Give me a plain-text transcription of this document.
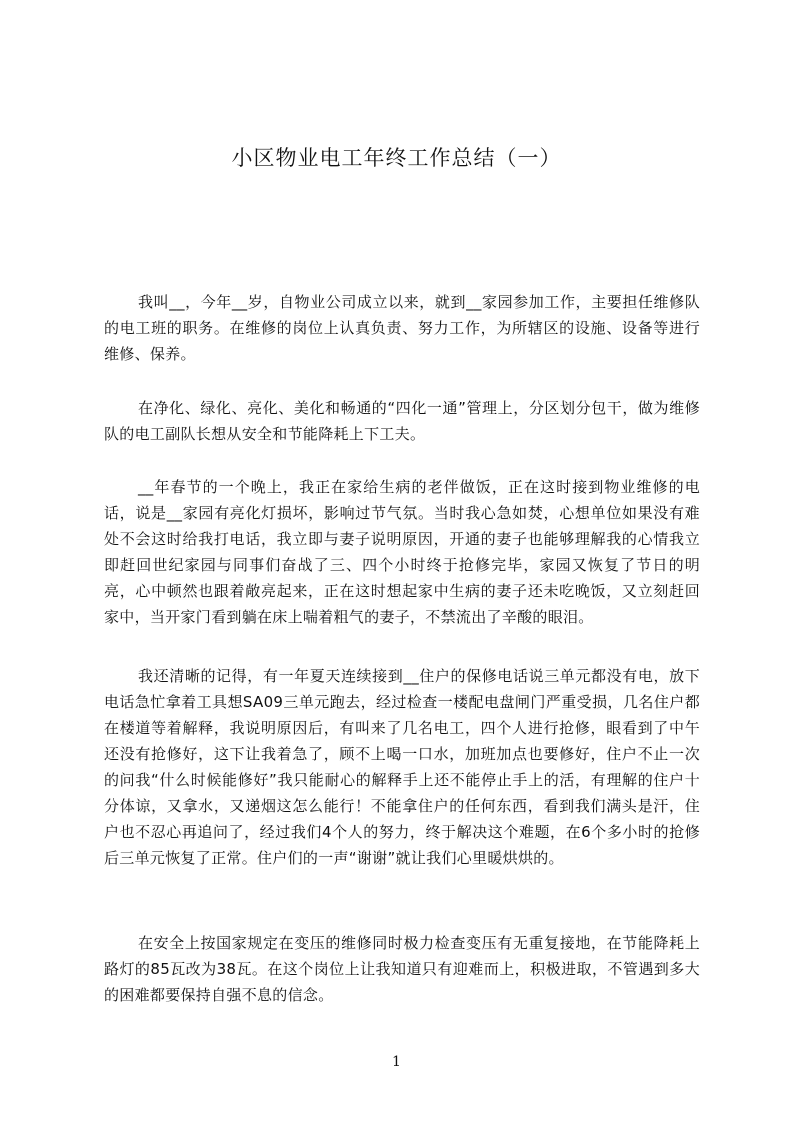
小区物业电工年终工作总结（一）

我叫__，今年__岁，自物业公司成立以来，就到__家园参加工作，主要担任维修队的电工班的职务。在维修的岗位上认真负责、努力工作，为所辖区的设施、设备等进行维修、保养。

在净化、绿化、亮化、美化和畅通的“四化一通”管理上，分区划分包干，做为维修队的电工副队长想从安全和节能降耗上下工夫。

__年春节的一个晚上，我正在家给生病的老伴做饭，正在这时接到物业维修的电话，说是__家园有亮化灯损坏，影响过节气氛。当时我心急如焚，心想单位如果没有难处不会这时给我打电话，我立即与妻子说明原因，开通的妻子也能够理解我的心情我立即赶回世纪家园与同事们奋战了三、四个小时终于抢修完毕，家园又恢复了节日的明亮，心中顿然也跟着敞亮起来，正在这时想起家中生病的妻子还未吃晚饭，又立刻赶回家中，当开家门看到躺在床上喘着粗气的妻子，不禁流出了辛酸的眼泪。

我还清晰的记得，有一年夏天连续接到__住户的保修电话说三单元都没有电，放下电话急忙拿着工具想SA09三单元跑去，经过检查一楼配电盘闸门严重受损，几名住户都在楼道等着解释，我说明原因后，有叫来了几名电工，四个人进行抢修，眼看到了中午还没有抢修好，这下让我着急了，顾不上喝一口水，加班加点也要修好，住户不止一次的问我“什么时候能修好”我只能耐心的解释手上还不能停止手上的活，有理解的住户十分体谅，又拿水，又递烟这怎么能行！不能拿住户的任何东西，看到我们满头是汗，住户也不忍心再追问了，经过我们4个人的努力，终于解决这个难题，在6个多小时的抢修后三单元恢复了正常。住户们的一声“谢谢”就让我们心里暖烘烘的。

在安全上按国家规定在变压的维修同时极力检查变压有无重复接地，在节能降耗上路灯的85瓦改为38瓦。在这个岗位上让我知道只有迎难而上，积极进取，不管遇到多大的困难都要保持自强不息的信念。

1
